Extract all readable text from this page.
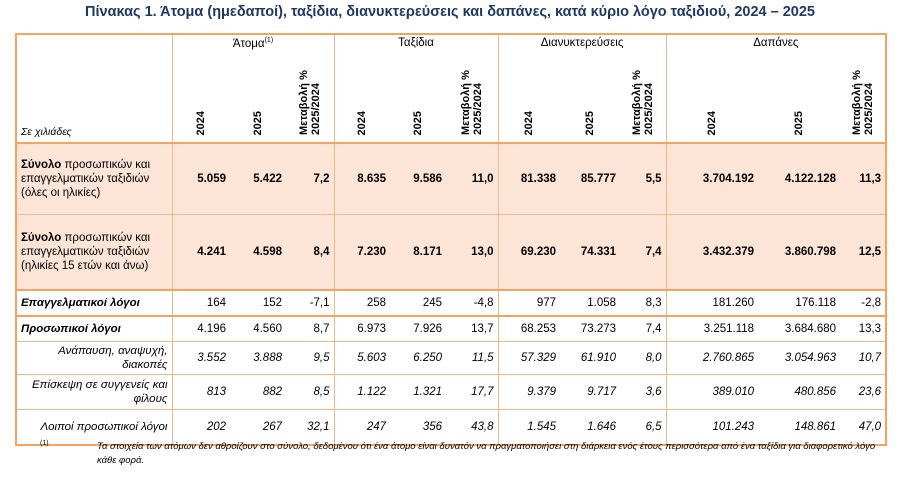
Πίνακας 1. Άτομα (ημεδαποί), ταξίδια, διανυκτερεύσεις και δαπάνες, κατά κύριο λόγο ταξιδιού, 2024 – 2025
	Άτομα$^{(1)}$			Ταξίδια			Διανυκτερεύσεις			Δαπάνες		
Σε χιλιάδες	2024	2025	Μεταβολή % 2025/2024	2024	2025	Μεταβολή % 2025/2024	2024	2025	Μεταβολή % 2025/2024	2024	2025	Μεταβολή % 2025/2024
Σύνολο προσωπικών και επαγγελματικών ταξιδιών (όλες οι ηλικίες)	5.059	5.422	7,2	8.635	9.586	11,0	81.338	85.777	5,5	3.704.192	4.122.128	11,3
Σύνολο προσωπικών και επαγγελματικών ταξιδιών (ηλικίες 15 ετών και άνω)	4.241	4.598	8,4	7.230	8.171	13,0	69.230	74.331	7,4	3.432.379	3.860.798	12,5
Επαγγελματικοί λόγοι	164	152	-7,1	258	245	-4,8	977	1.058	8,3	181.260	176.118	-2,8
Προσωπικοί λόγοι	4.196	4.560	8,7	6.973	7.926	13,7	68.253	73.273	7,4	3.251.118	3.684.680	13,3
Ανάπαυση, αναψυχή, διακοπές	3.552	3.888	9,5	5.603	6.250	11,5	57.329	61.910	8,0	2.760.865	3.054.963	10,7
Επίσκεψη σε συγγενείς και φίλους	813	882	8,5	1.122	1.321	17,7	9.379	9.717	3,6	389.010	480.856	23,6
Λοιποί προσωπικοί λόγοι	202	267	32,1	247	356	43,8	1.545	1.646	6,5	101.243	148.861	47,0
(1)	Τα στοιχεία των ατόμων δεν αθροίζουν στο σύνολο, δεδομένου ότι ένα άτομο είναι δυνατόν να πραγματοποιήσει στη διάρκεια ενός έτους περισσότερα από ένα ταξίδια για διαφορετικό λόγο κάθε φορά.
